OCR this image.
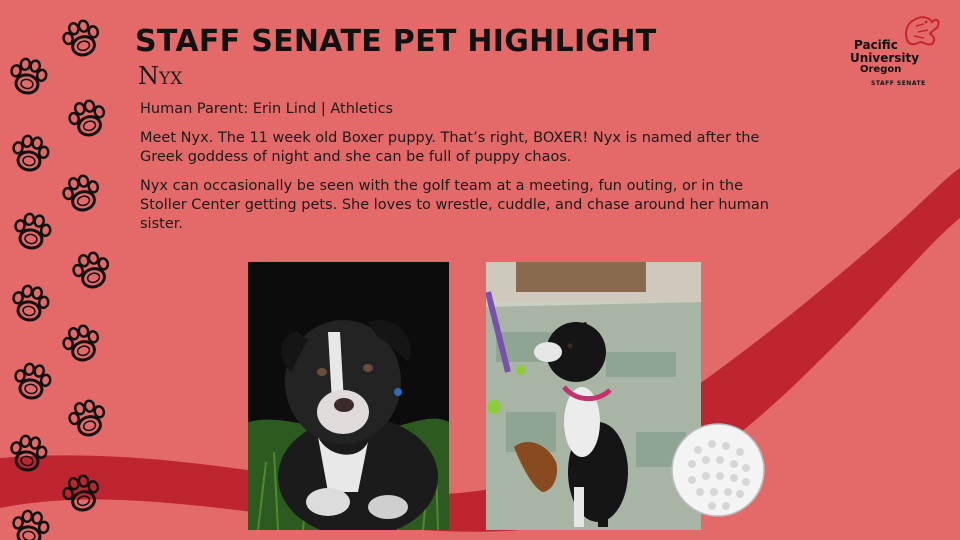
STAFF SENATE PET HIGHLIGHT
Nyx

Human Parent: Erin Lind | Athletics

Meet Nyx. The 11 week old Boxer puppy. That’s right, BOXER! Nyx is named after the Greek goddess of night and she can be full of puppy chaos.

Nyx can occasionally be seen with the golf team at a meeting, fun outing, or in the Stoller Center getting pets. She loves to wrestle, cuddle, and chase around her human sister.

Pacific
University
Oregon
STAFF SENATE
